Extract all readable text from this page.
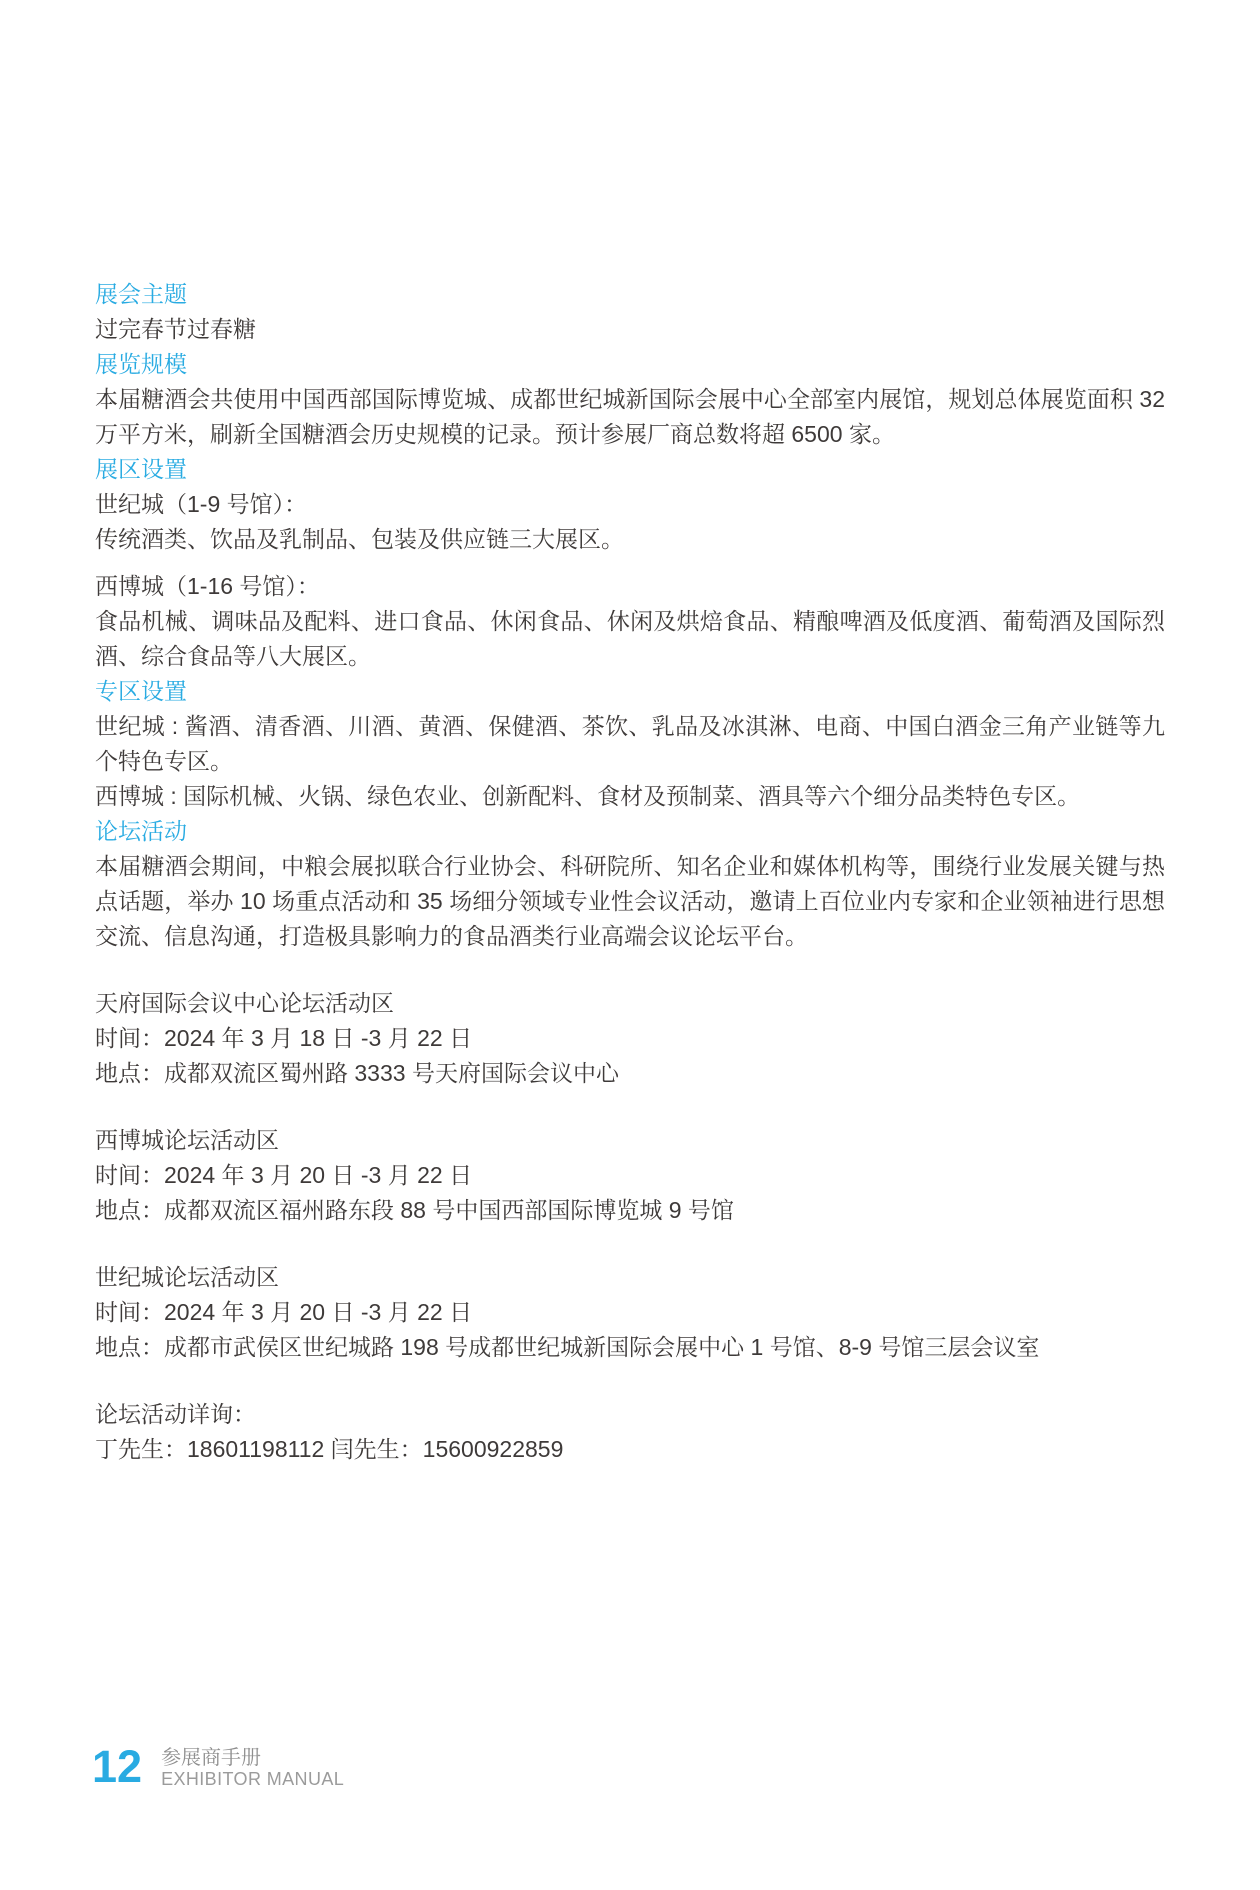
展会主题

过完春节过春糖

展览规模

本届糖酒会共使用中国西部国际博览城、成都世纪城新国际会展中心全部室内展馆，规划总体展览面积 32 万平方米，刷新全国糖酒会历史规模的记录。预计参展厂商总数将超 6500 家。

展区设置

世纪城（1-9 号馆）：

传统酒类、饮品及乳制品、包装及供应链三大展区。

西博城（1-16 号馆）：

食品机械、调味品及配料、进口食品、休闲食品、休闲及烘焙食品、精酿啤酒及低度酒、葡萄酒及国际烈酒、综合食品等八大展区。

专区设置

世纪城 : 酱酒、清香酒、川酒、黄酒、保健酒、茶饮、乳品及冰淇淋、电商、中国白酒金三角产业链等九个特色专区。

西博城 : 国际机械、火锅、绿色农业、创新配料、食材及预制菜、酒具等六个细分品类特色专区。

论坛活动

本届糖酒会期间，中粮会展拟联合行业协会、科研院所、知名企业和媒体机构等，围绕行业发展关键与热点话题，举办 10 场重点活动和 35 场细分领域专业性会议活动，邀请上百位业内专家和企业领袖进行思想交流、信息沟通，打造极具影响力的食品酒类行业高端会议论坛平台。

天府国际会议中心论坛活动区

时间：2024 年 3 月 18 日 -3 月 22 日

地点：成都双流区蜀州路 3333 号天府国际会议中心

西博城论坛活动区

时间：2024 年 3 月 20 日 -3 月 22 日

地点：成都双流区福州路东段 88 号中国西部国际博览城 9 号馆

世纪城论坛活动区

时间：2024 年 3 月 20 日 -3 月 22 日

地点：成都市武侯区世纪城路 198 号成都世纪城新国际会展中心 1 号馆、8-9 号馆三层会议室

论坛活动详询：

丁先生：18601198112 闫先生：15600922859

12 参展商手册
EXHIBITOR MANUAL
